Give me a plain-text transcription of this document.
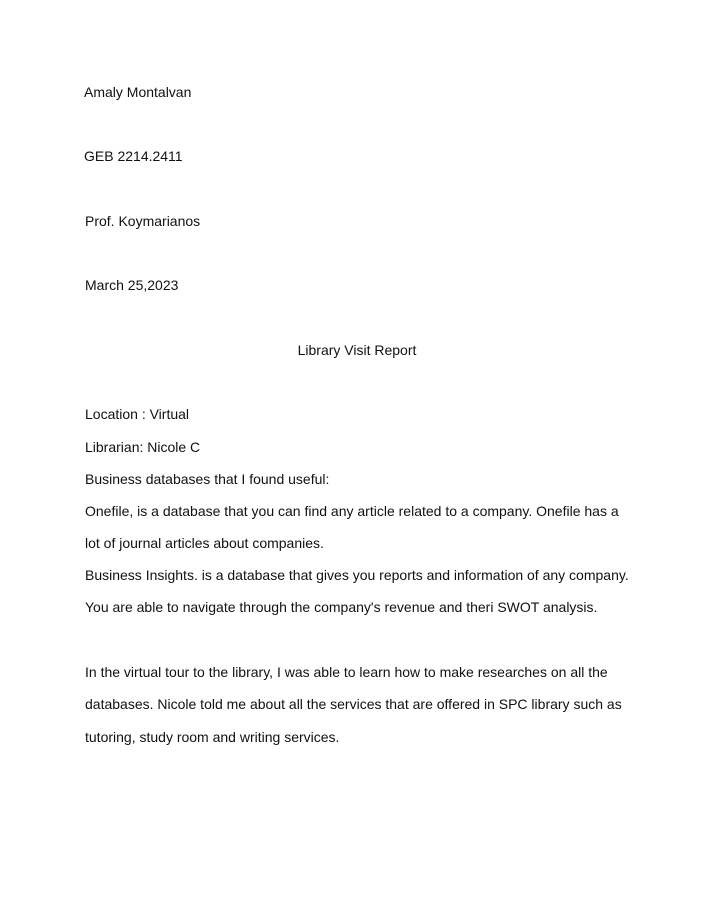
Amaly Montalvan

GEB 2214.2411

Prof. Koymarianos

March 25,2023

Library Visit Report

Location : Virtual

Librarian: Nicole C

Business databases that I found useful:

Onefile, is a database that you can find any article related to a company. Onefile has a

lot of journal articles about companies.

Business Insights. is a database that gives you reports and information of any company.

You are able to navigate through the company's revenue and theri SWOT analysis.

In the virtual tour to the library, I was able to learn how to make researches on all the

databases. Nicole told me about all the services that are offered in SPC library such as

tutoring, study room and writing services.
